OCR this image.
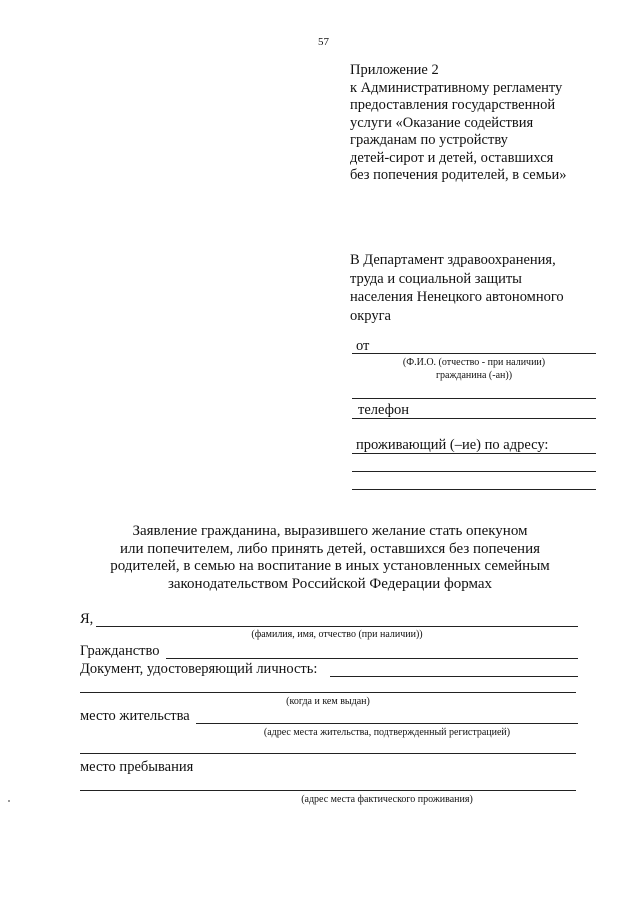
57
Приложение 2
к Административному регламенту
предоставления государственной
услуги «Оказание содействия
гражданам по устройству
детей-сирот и детей, оставшихся
без попечения родителей, в семьи»
В Департамент здравоохранения,
труда и социальной защиты
населения Ненецкого автономного
округа
от
(Ф.И.О. (отчество - при наличии)
гражданина (-ан))
телефон
проживающий (–ие) по адресу:
Заявление гражданина, выразившего желание стать опекуном
или попечителем, либо принять детей, оставшихся без попечения
родителей, в семью на воспитание в иных установленных семейным
законодательством Российской Федерации формах
Я,
(фамилия, имя, отчество (при наличии))
Гражданство
Документ, удостоверяющий личность:
(когда и кем выдан)
место жительства
(адрес места жительства, подтвержденный регистрацией)
место пребывания
(адрес места фактического проживания)
